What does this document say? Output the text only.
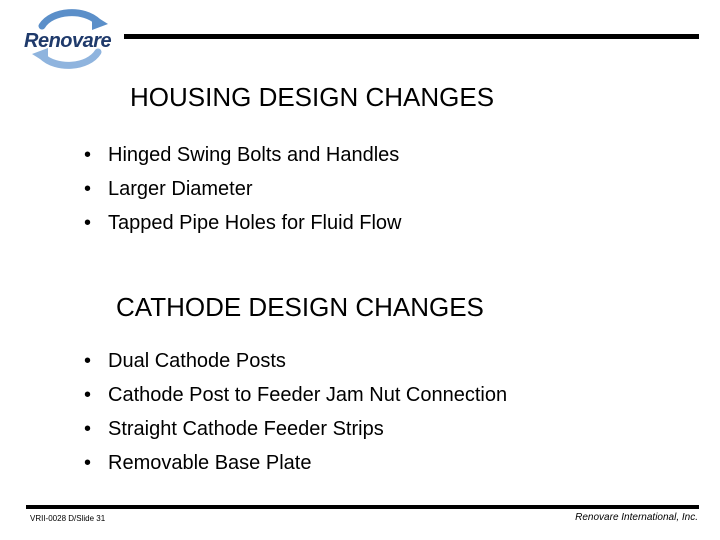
Renovare
HOUSING DESIGN CHANGES
• Hinged Swing Bolts and Handles
• Larger Diameter
• Tapped Pipe Holes for Fluid Flow
CATHODE DESIGN CHANGES
• Dual Cathode Posts
• Cathode Post to Feeder Jam Nut Connection
• Straight Cathode Feeder Strips
• Removable Base Plate
VRII-0028 D/Slide 31	Renovare International, Inc.
